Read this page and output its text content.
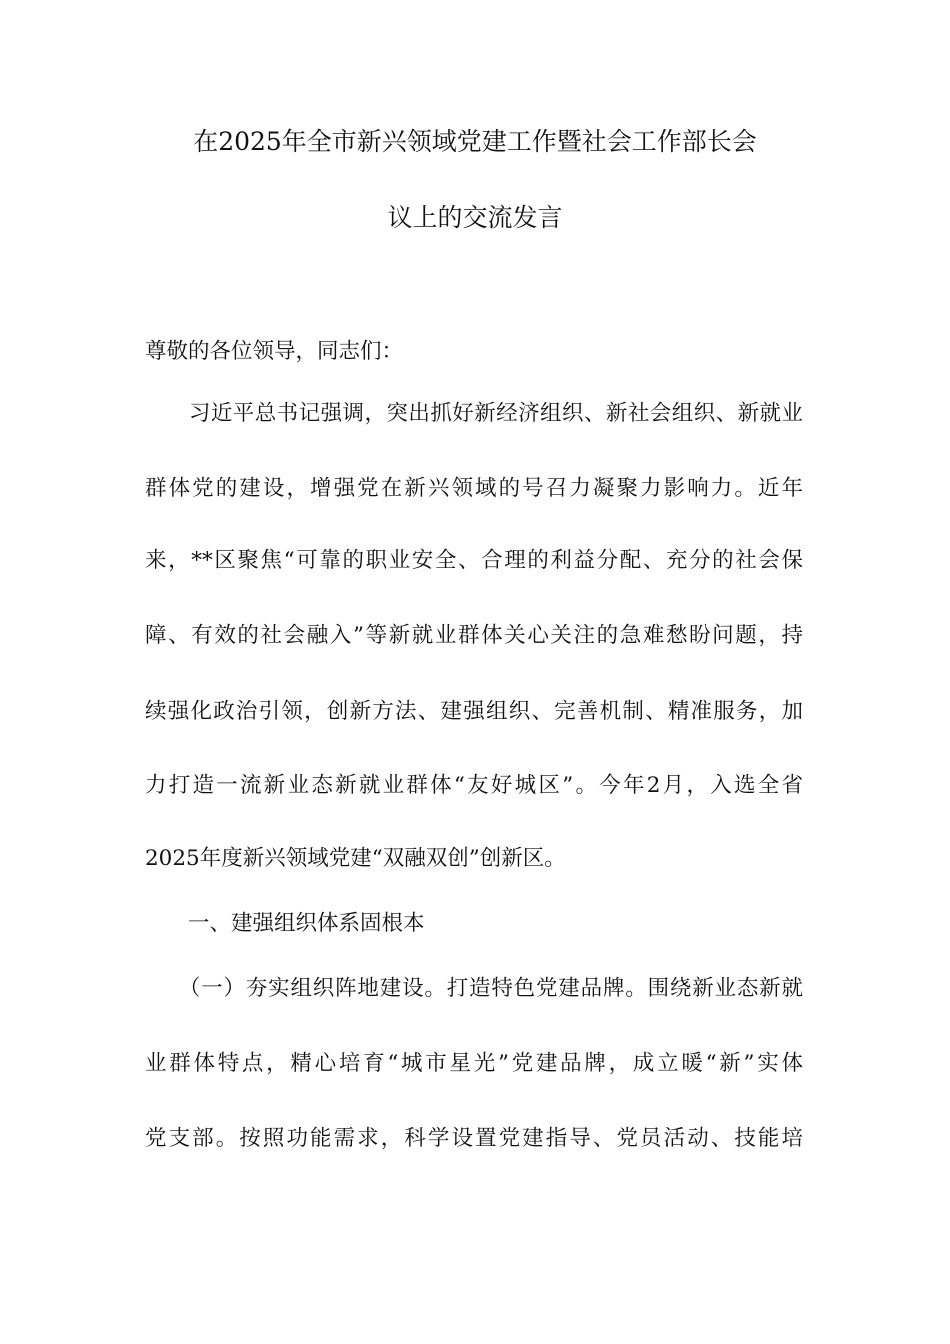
在2025年全市新兴领域党建工作暨社会工作部长会
议上的交流发言
尊敬的各位领导，同志们：
　　习近平总书记强调，突出抓好新经济组织、新社会组织、新就业
群体党的建设，增强党在新兴领域的号召力凝聚力影响力。近年
来，**区聚焦“可靠的职业安全、合理的利益分配、充分的社会保
障、有效的社会融入”等新就业群体关心关注的急难愁盼问题，持
续强化政治引领，创新方法、建强组织、完善机制、精准服务，加
力打造一流新业态新就业群体“友好城区”。今年2月，入选全省
2025年度新兴领域党建“双融双创”创新区。
　　一、建强组织体系固根本
　　（一）夯实组织阵地建设。打造特色党建品牌。围绕新业态新就
业群体特点，精心培育“城市星光”党建品牌，成立暖“新”实体
党支部。按照功能需求，科学设置党建指导、党员活动、技能培
